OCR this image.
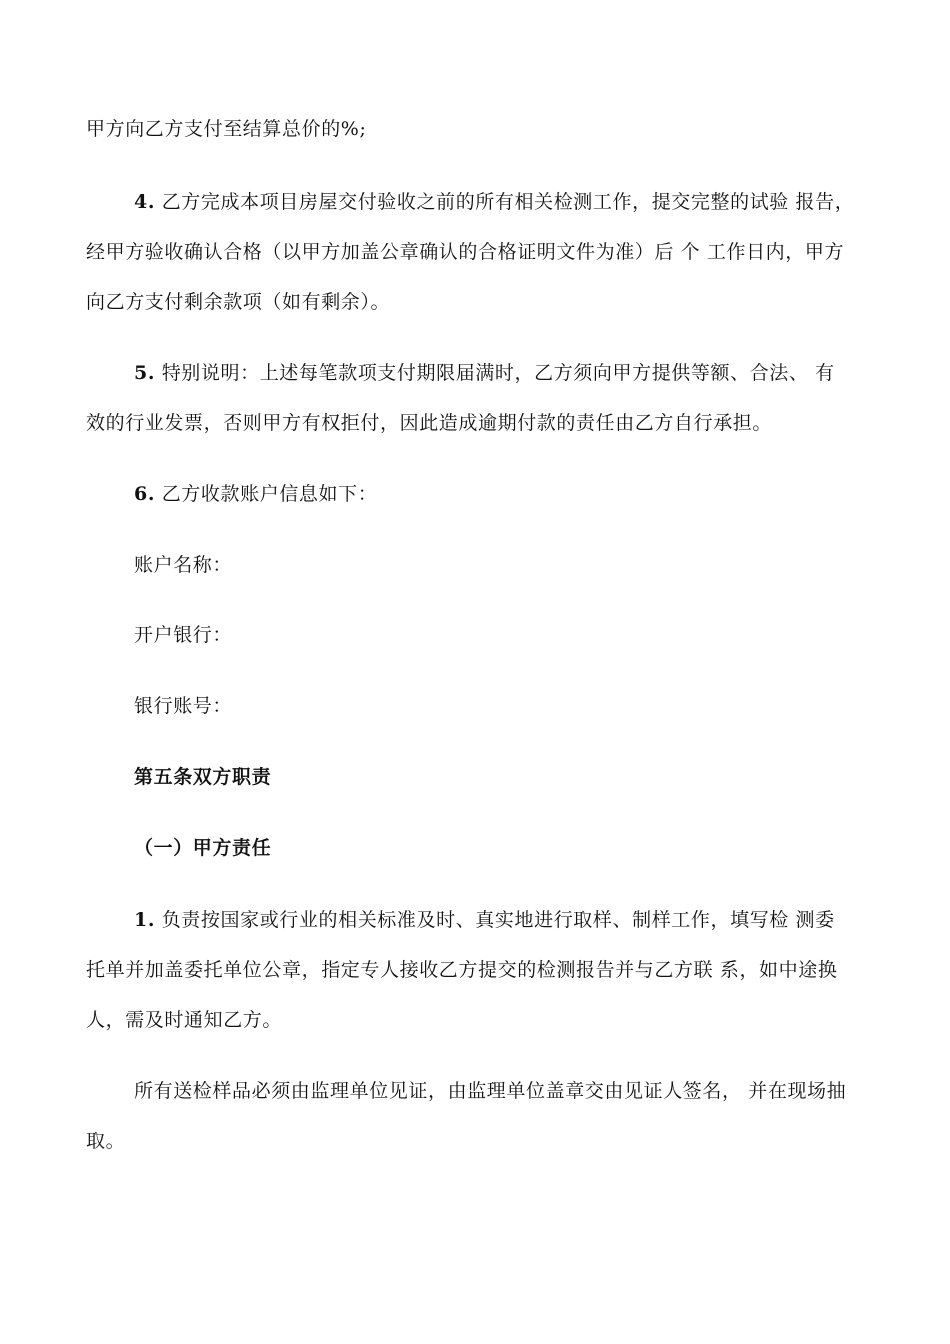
甲方向乙方支付至结算总价的%;
4. 乙方完成本项目房屋交付验收之前的所有相关检测工作，提交完整的试验 报告，
经甲方验收确认合格（以甲方加盖公章确认的合格证明文件为准）后 个 工作日内，甲方
向乙方支付剩余款项（如有剩余）。
5. 特别说明：上述每笔款项支付期限届满时，乙方须向甲方提供等额、合法、 有
效的行业发票，否则甲方有权拒付，因此造成逾期付款的责任由乙方自行承担。
6. 乙方收款账户信息如下：
账户名称：
开户银行：
银行账号：
第五条双方职责
（一）甲方责任
1. 负责按国家或行业的相关标准及时、真实地进行取样、制样工作，填写检 测委
托单并加盖委托单位公章，指定专人接收乙方提交的检测报告并与乙方联 系，如中途换
人，需及时通知乙方。
所有送检样品必须由监理单位见证，由监理单位盖章交由见证人签名， 并在现场抽
取。
